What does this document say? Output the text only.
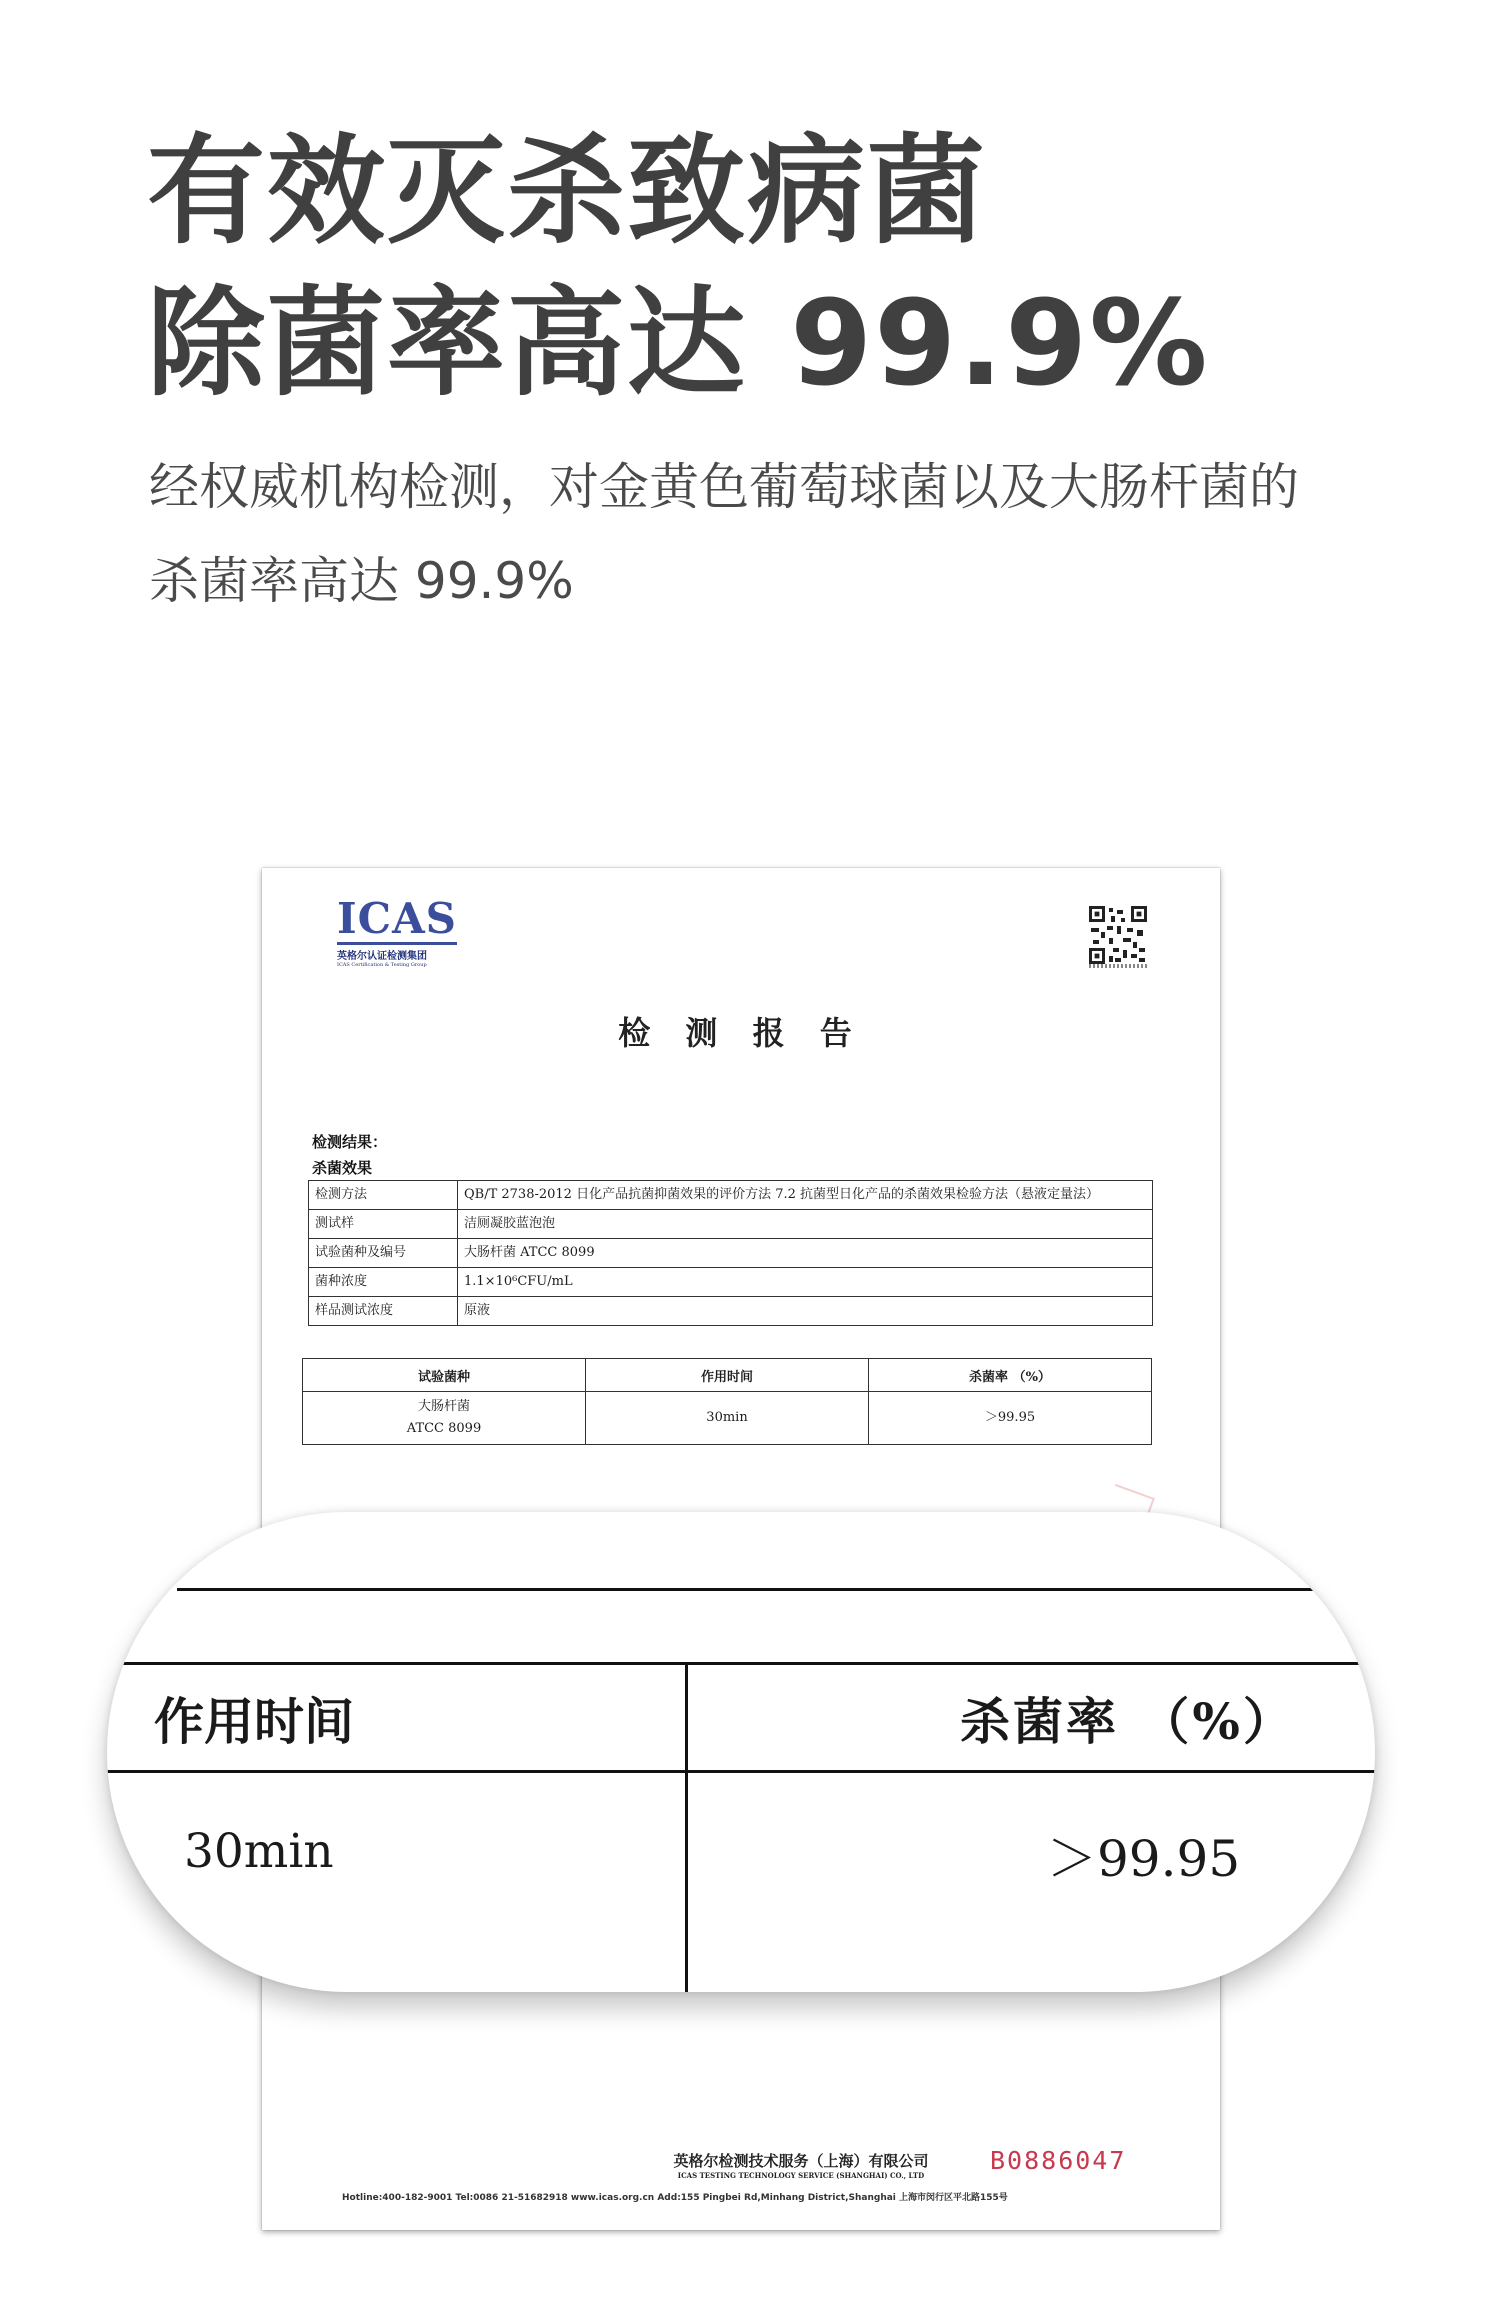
有效灭杀致病菌
除菌率高达 99.9%

经权威机构检测，对金黄色葡萄球菌以及大肠杆菌的

杀菌率高达 99.9%

ICAS
英格尔认证检测集团
ICAS Certification & Testing Group
检 测 报 告
检测结果：
杀菌效果
检测方法	QB/T 2738-2012 日化产品抗菌抑菌效果的评价方法 7.2 抗菌型日化产品的杀菌效果检验方法（悬液定量法）
测试样	洁厕凝胶蓝泡泡
试验菌种及编号	大肠杆菌 ATCC 8099
菌种浓度	1.1×10⁶CFU/mL
样品测试浓度	原液
试验菌种	作用时间	杀菌率 （%）

大肠杆菌
ATCC 8099	30min	＞99.95
英格尔检测技术服务（上海）有限公司
ICAS TESTING TECHNOLOGY SERVICE (SHANGHAI) CO., LTD
B0886047
Hotline:400-182-9001 Tel:0086 21-51682918 www.icas.org.cn Add:155 Pingbei Rd,Minhang District,Shanghai 上海市闵行区平北路155号
作用时间	杀菌率 （%）
30min	＞99.95
